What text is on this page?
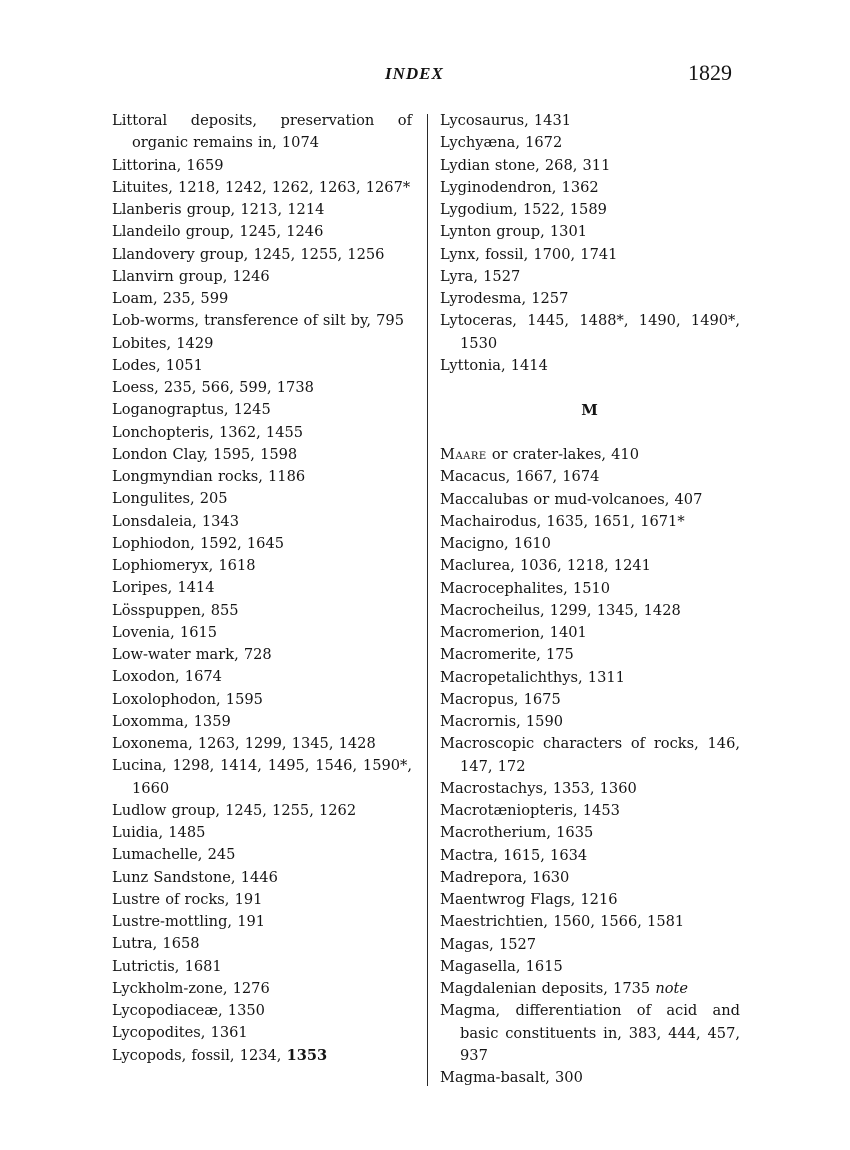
INDEX	1829
Littoral deposits, preservation of organic remains in, 1074
Littorina, 1659
Lituites, 1218, 1242, 1262, 1263, 1267*
Llanberis group, 1213, 1214
Llandeilo group, 1245, 1246
Llandovery group, 1245, 1255, 1256
Llanvirn group, 1246
Loam, 235, 599
Lob-worms, transference of silt by, 795
Lobites, 1429
Lodes, 1051
Loess, 235, 566, 599, 1738
Loganograptus, 1245
Lonchopteris, 1362, 1455
London Clay, 1595, 1598
Longmyndian rocks, 1186
Longulites, 205
Lonsdaleia, 1343
Lophiodon, 1592, 1645
Lophiomeryx, 1618
Loripes, 1414
Lösspuppen, 855
Lovenia, 1615
Low-water mark, 728
Loxodon, 1674
Loxolophodon, 1595
Loxomma, 1359
Loxonema, 1263, 1299, 1345, 1428
Lucina, 1298, 1414, 1495, 1546, 1590*, 1660
Ludlow group, 1245, 1255, 1262
Luidia, 1485
Lumachelle, 245
Lunz Sandstone, 1446
Lustre of rocks, 191
Lustre-mottling, 191
Lutra, 1658
Lutrictis, 1681
Lyckholm-zone, 1276
Lycopodiaceæ, 1350
Lycopodites, 1361
Lycopods, fossil, 1234, 1353
Lycosaurus, 1431
Lychyæna, 1672
Lydian stone, 268, 311
Lyginodendron, 1362
Lygodium, 1522, 1589
Lynton group, 1301
Lynx, fossil, 1700, 1741
Lyra, 1527
Lyrodesma, 1257
Lytoceras, 1445, 1488*, 1490, 1490*, 1530
Lyttonia, 1414
M
Maare or crater-lakes, 410
Macacus, 1667, 1674
Maccalubas or mud-volcanoes, 407
Machairodus, 1635, 1651, 1671*
Macigno, 1610
Maclurea, 1036, 1218, 1241
Macrocephalites, 1510
Macrocheilus, 1299, 1345, 1428
Macromerion, 1401
Macromerite, 175
Macropetalichthys, 1311
Macropus, 1675
Macrornis, 1590
Macroscopic characters of rocks, 146, 147, 172
Macrostachys, 1353, 1360
Macrotæniopteris, 1453
Macrotherium, 1635
Mactra, 1615, 1634
Madrepora, 1630
Maentwrog Flags, 1216
Maestrichtien, 1560, 1566, 1581
Magas, 1527
Magasella, 1615
Magdalenian deposits, 1735 note
Magma, differentiation of acid and basic constituents in, 383, 444, 457, 937
Magma-basalt, 300
